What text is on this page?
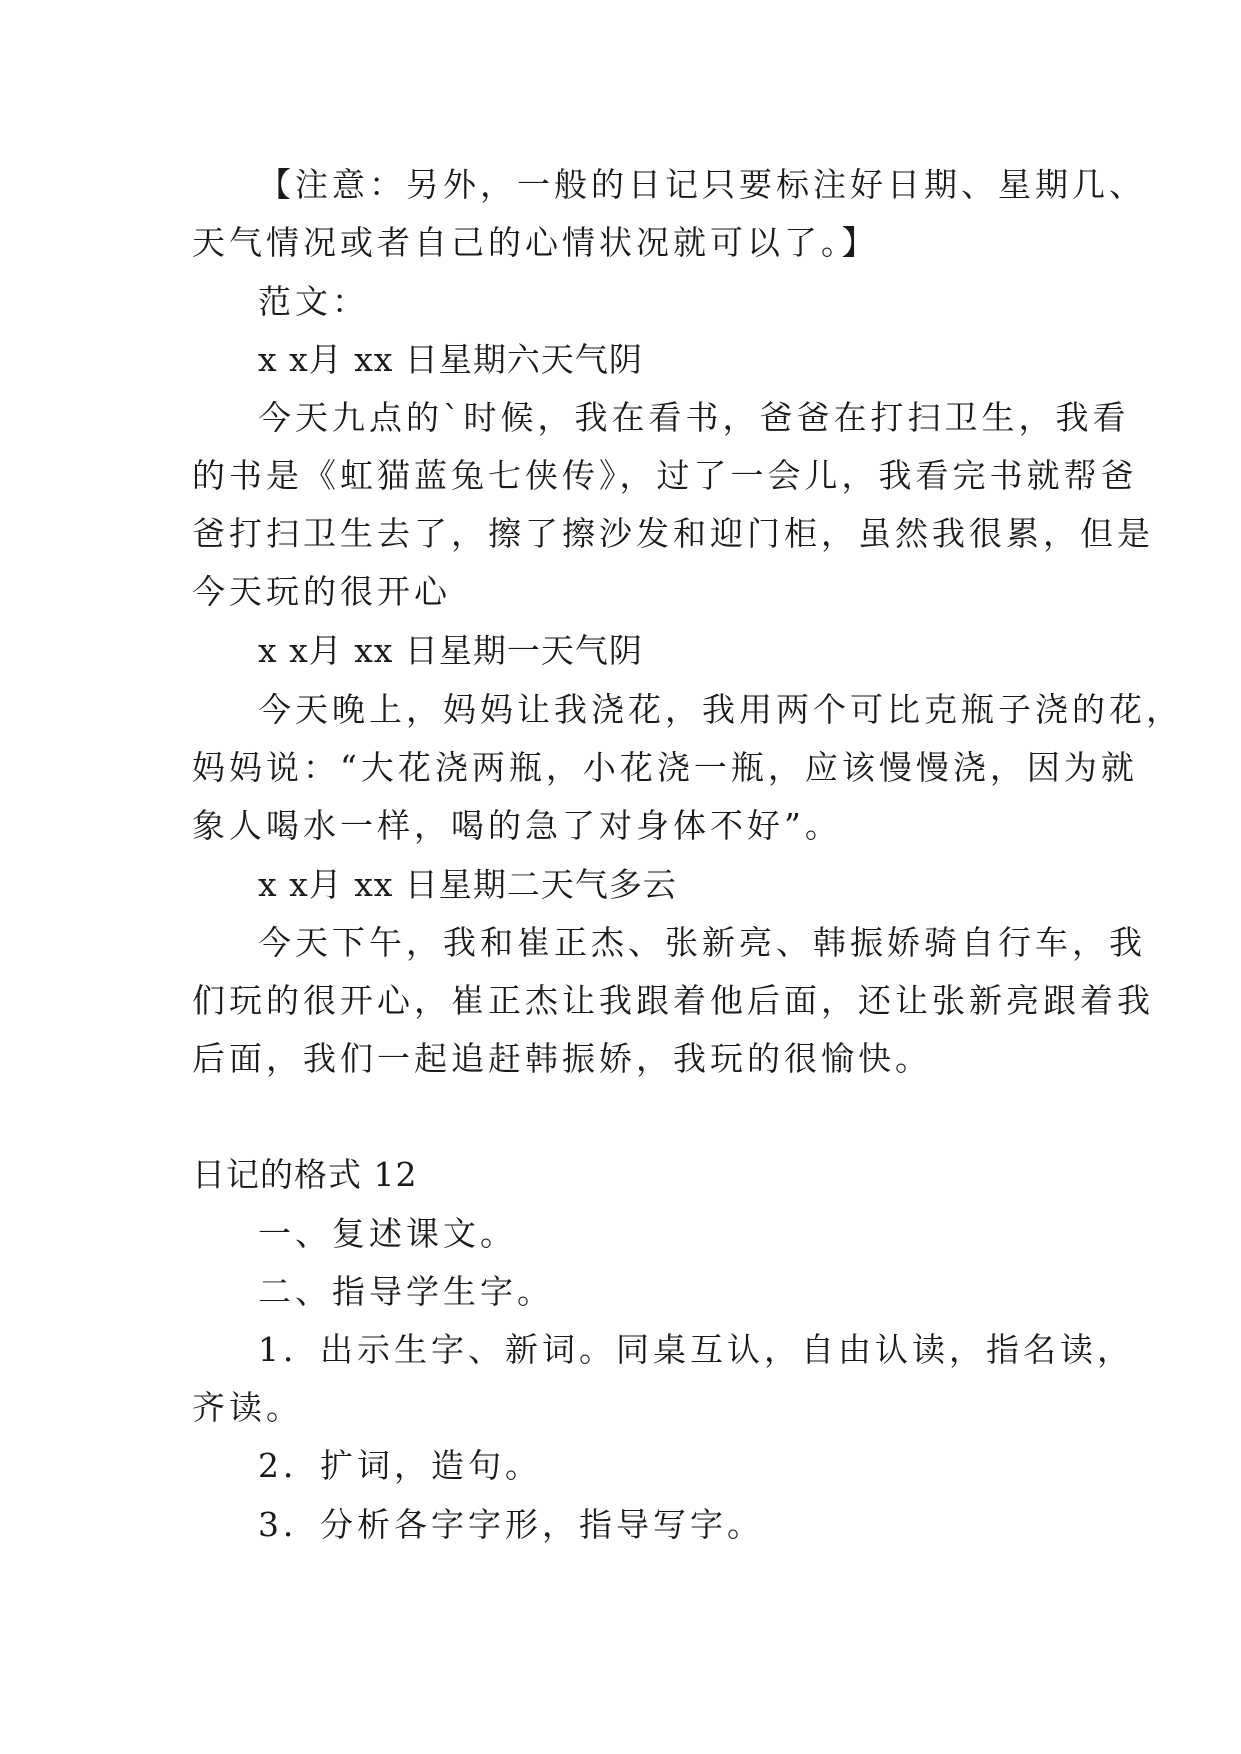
【注意：另外，一般的日记只要标注好日期、星期几、
天气情况或者自己的心情状况就可以了。】
范文：
x x月 xx 日星期六天气阴
今天九点的`时候，我在看书，爸爸在打扫卫生，我看
的书是《虹猫蓝兔七侠传》，过了一会儿，我看完书就帮爸
爸打扫卫生去了，擦了擦沙发和迎门柜，虽然我很累，但是
今天玩的很开心
x x月 xx 日星期一天气阴
今天晚上，妈妈让我浇花，我用两个可比克瓶子浇的花，
妈妈说：“大花浇两瓶，小花浇一瓶，应该慢慢浇，因为就
象人喝水一样，喝的急了对身体不好”。
x x月 xx 日星期二天气多云
今天下午，我和崔正杰、张新亮、韩振娇骑自行车，我
们玩的很开心，崔正杰让我跟着他后面，还让张新亮跟着我
后面，我们一起追赶韩振娇，我玩的很愉快。
日记的格式 12
一、复述课文。
二、指导学生字。
1．出示生字、新词。同桌互认，自由认读，指名读，
齐读。
2．扩词，造句。
3．分析各字字形，指导写字。
